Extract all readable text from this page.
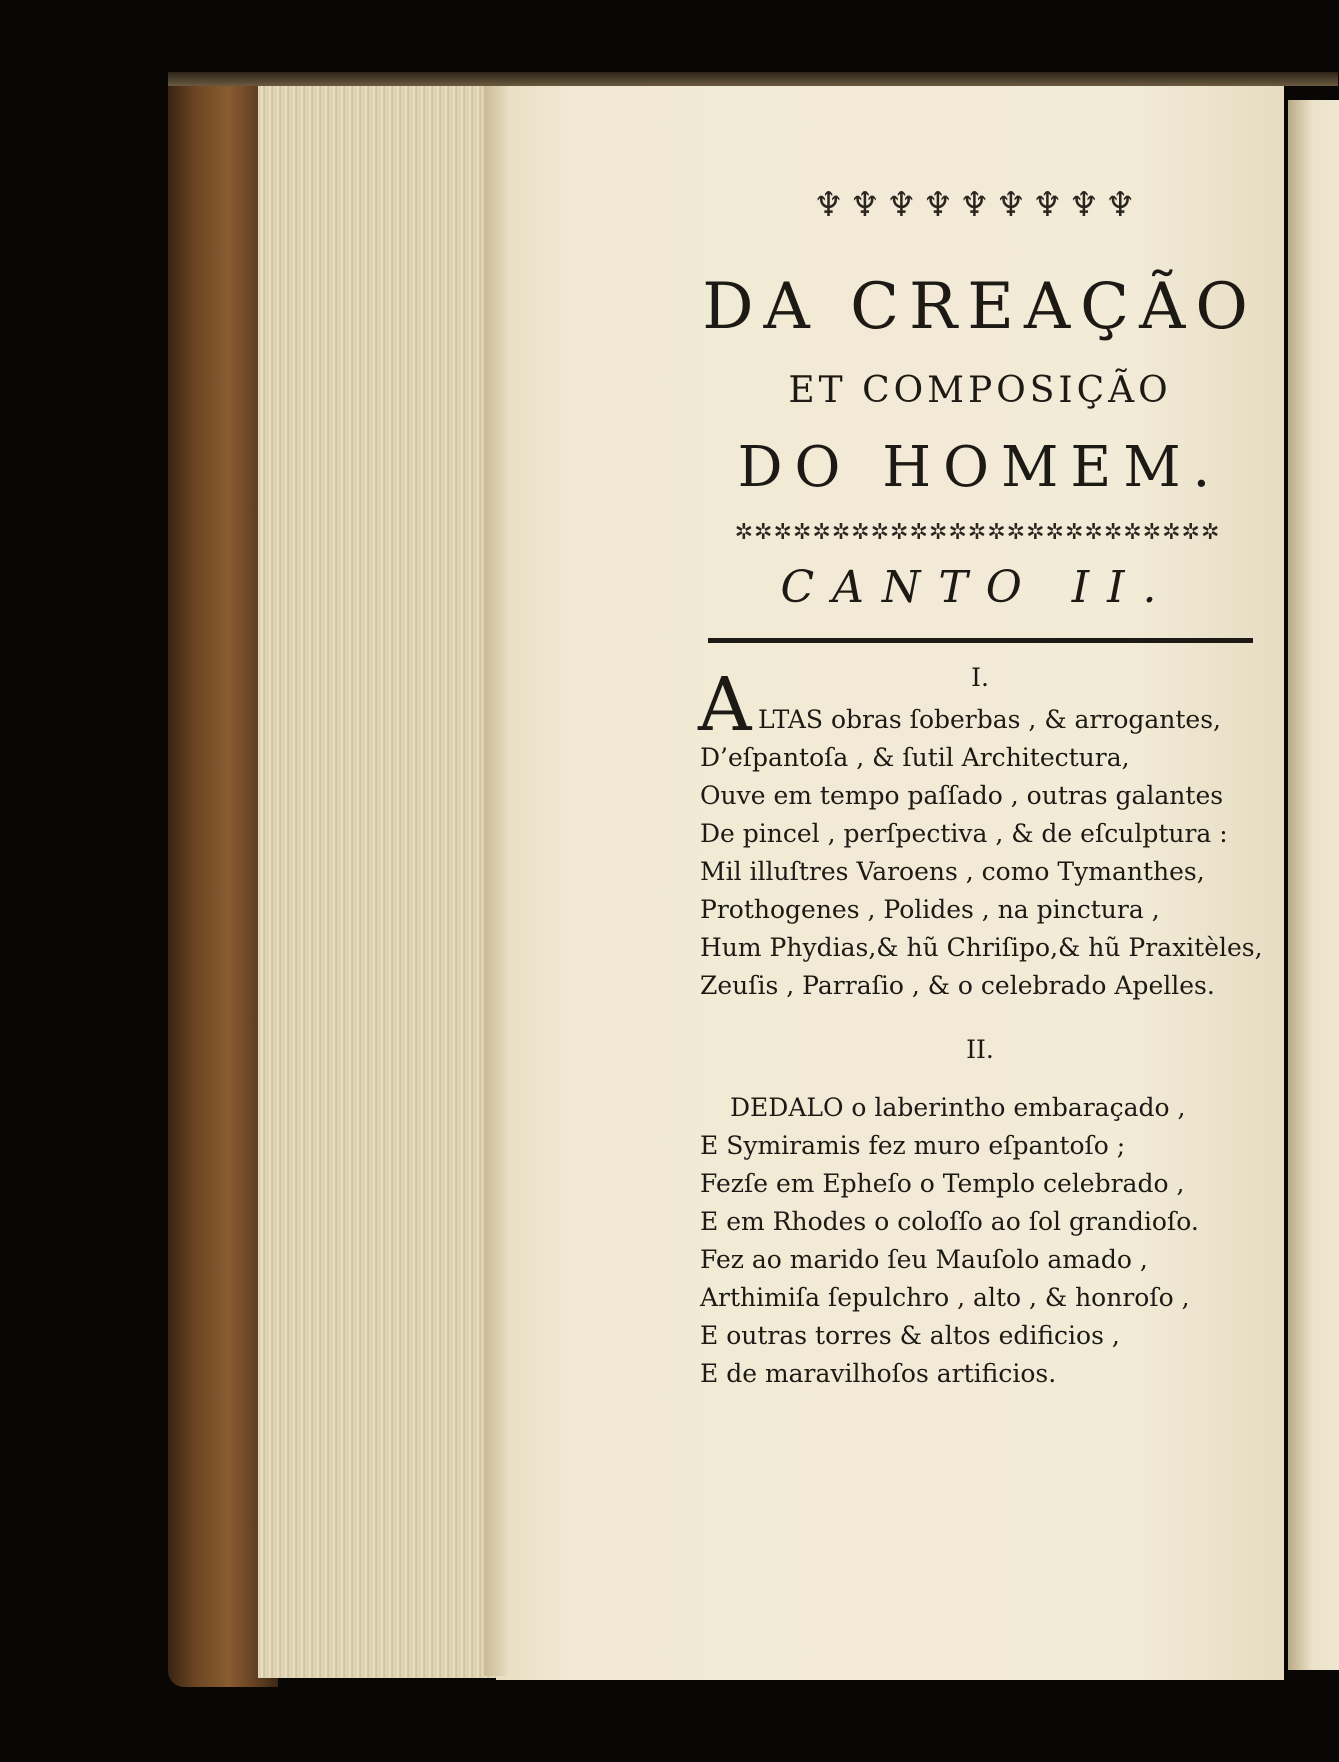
♆♆♆♆♆♆♆♆♆
DA CREAÇÃO
ET COMPOSIÇÃO
DO HOMEM.
✲✲✲✲✲✲✲✲✲✲✲✲✲✲✲✲✲✲✲✲✲✲✲✲✲
CANTO II.
I.
A LTAS obras ſoberbas , & arrogantes,
D’eſpantoſa , & ſutil Architectura,
Ouve em tempo paſſado , outras galantes
De pincel , perſpectiva , & de eſculptura :
Mil illuſtres Varoens , como Tymanthes,
Prothogenes , Polides , na pinctura ,
Hum Phydias,& hũ Chriſipo,& hũ Praxitèles,
Zeuſis , Parraſio , & o celebrado Apelles.
II.
DEDALO o laberintho embaraçado ,
E Symiramis fez muro eſpantoſo ;
Fezſe em Epheſo o Templo celebrado ,
E em Rhodes o coloſſo ao ſol grandioſo.
Fez ao marido ſeu Mauſolo amado ,
Arthimiſa ſepulchro , alto , & honroſo ,
E outras torres & altos edificios ,
E de maravilhoſos artificios.
